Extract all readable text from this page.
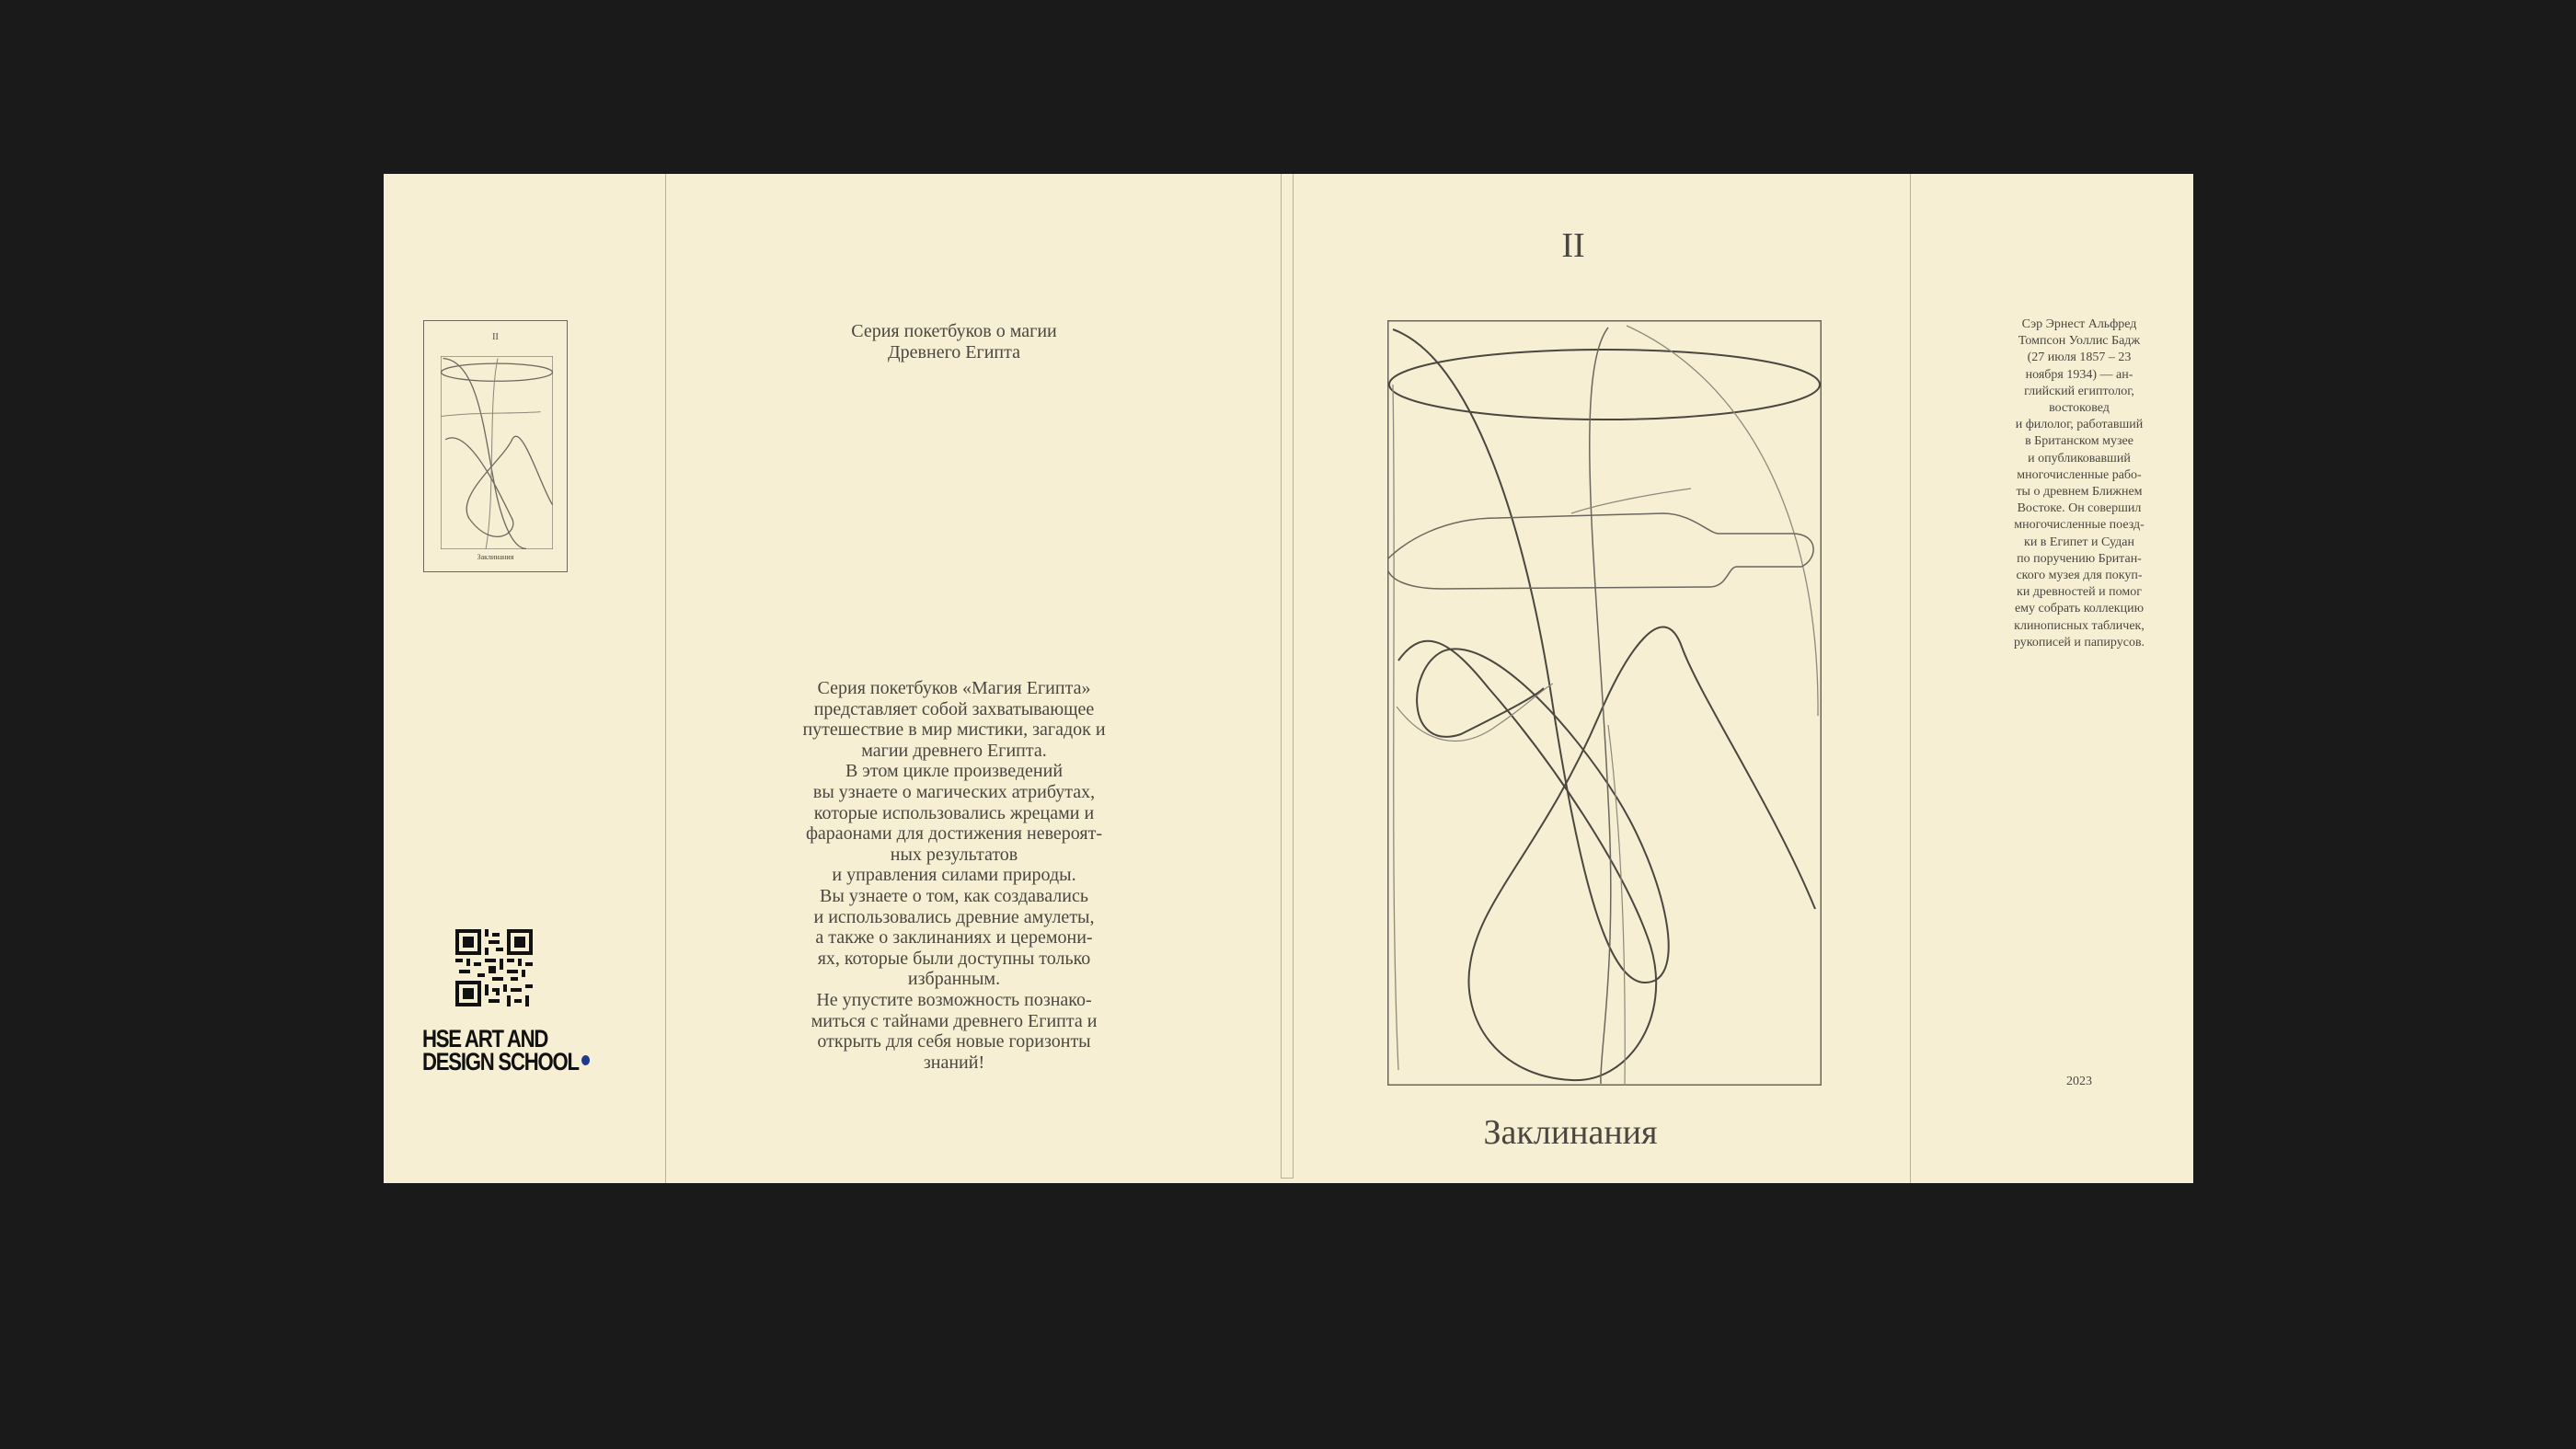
II
Заклинания
HSE ART AND
DESIGN SCHOOL
Серия покетбуков о магии
Древнего Египта
Серия покетбуков «Магия Египта»
представляет собой захватывающее
путешествие в мир мистики, загадок и
магии древнего Египта.
В этом цикле произведений
вы узнаете о магических атрибутах,
которые использовались жрецами и
фараонами для достижения невероят-
ных результатов
и управления силами природы.
Вы узнаете о том, как создавались
и использовались древние амулеты,
а также о заклинаниях и церемони-
ях, которые были доступны только
избранным.
Не упустите возможность познако-
миться с тайнами древнего Египта и
открыть для себя новые горизонты
знаний!
II
Заклинания
Сэр Эрнест Альфред
Томпсон Уоллис Бадж
(27 июля 1857 – 23
ноября 1934) — ан-
глийский египтолог,
востоковед
и филолог, работавший
в Британском музее
и опубликовавший
многочисленные рабо-
ты о древнем Ближнем
Востоке. Он совершил
многочисленные поезд-
ки в Египет и Судан
по поручению Британ-
ского музея для покуп-
ки древностей и помог
ему собрать коллекцию
клинописных табличек,
рукописей и папирусов.
2023
